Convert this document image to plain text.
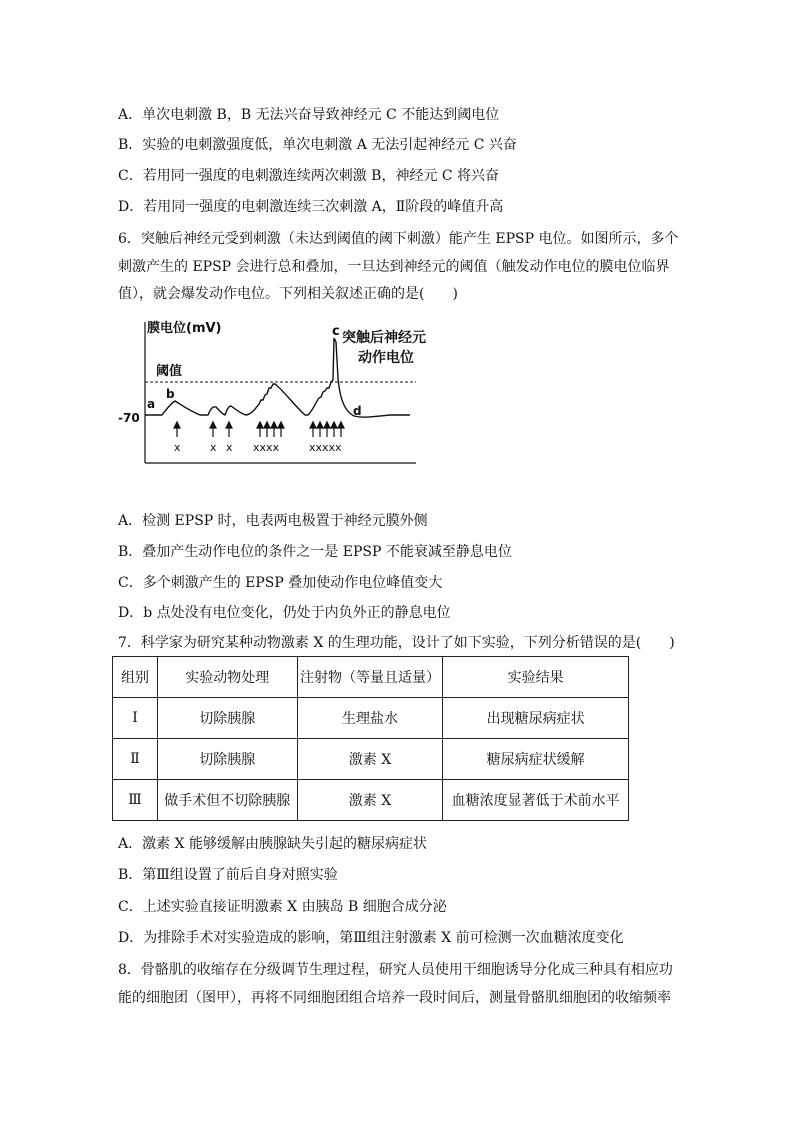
A．单次电刺激 B，B 无法兴奋导致神经元 C 不能达到阈电位
B．实验的电刺激强度低，单次电刺激 A 无法引起神经元 C 兴奋
C．若用同一强度的电刺激连续两次刺激 B，神经元 C 将兴奋
D．若用同一强度的电刺激连续三次刺激 A，Ⅱ阶段的峰值升高
6．突触后神经元受到刺激（未达到阈值的阈下刺激）能产生 EPSP 电位。如图所示，多个
刺激产生的 EPSP 会进行总和叠加，一旦达到神经元的阈值（触发动作电位的膜电位临界
值），就会爆发动作电位。下列相关叙述正确的是(　　)
膜电位(mV)
阈值
-70
a
b
c
d
突触后神经元
动作电位
x	x x xxxx	xxxxx
A．检测 EPSP 时，电表两电极置于神经元膜外侧
B．叠加产生动作电位的条件之一是 EPSP 不能衰减至静息电位
C．多个刺激产生的 EPSP 叠加使动作电位峰值变大
D．b 点处没有电位变化，仍处于内负外正的静息电位
7．科学家为研究某种动物激素 X 的生理功能，设计了如下实验，下列分析错误的是(　　)
组别	实验动物处理	注射物（等量且适量）	实验结果
Ⅰ	切除胰腺	生理盐水	出现糖尿病症状
Ⅱ	切除胰腺	激素 X	糖尿病症状缓解
Ⅲ	做手术但不切除胰腺	激素 X	血糖浓度显著低于术前水平
A．激素 X 能够缓解由胰腺缺失引起的糖尿病症状
B．第Ⅲ组设置了前后自身对照实验
C．上述实验直接证明激素 X 由胰岛 B 细胞合成分泌
D．为排除手术对实验造成的影响，第Ⅲ组注射激素 X 前可检测一次血糖浓度变化
8．骨骼肌的收缩存在分级调节生理过程，研究人员使用干细胞诱导分化成三种具有相应功
能的细胞团（图甲），再将不同细胞团组合培养一段时间后，测量骨骼肌细胞团的收缩频率
